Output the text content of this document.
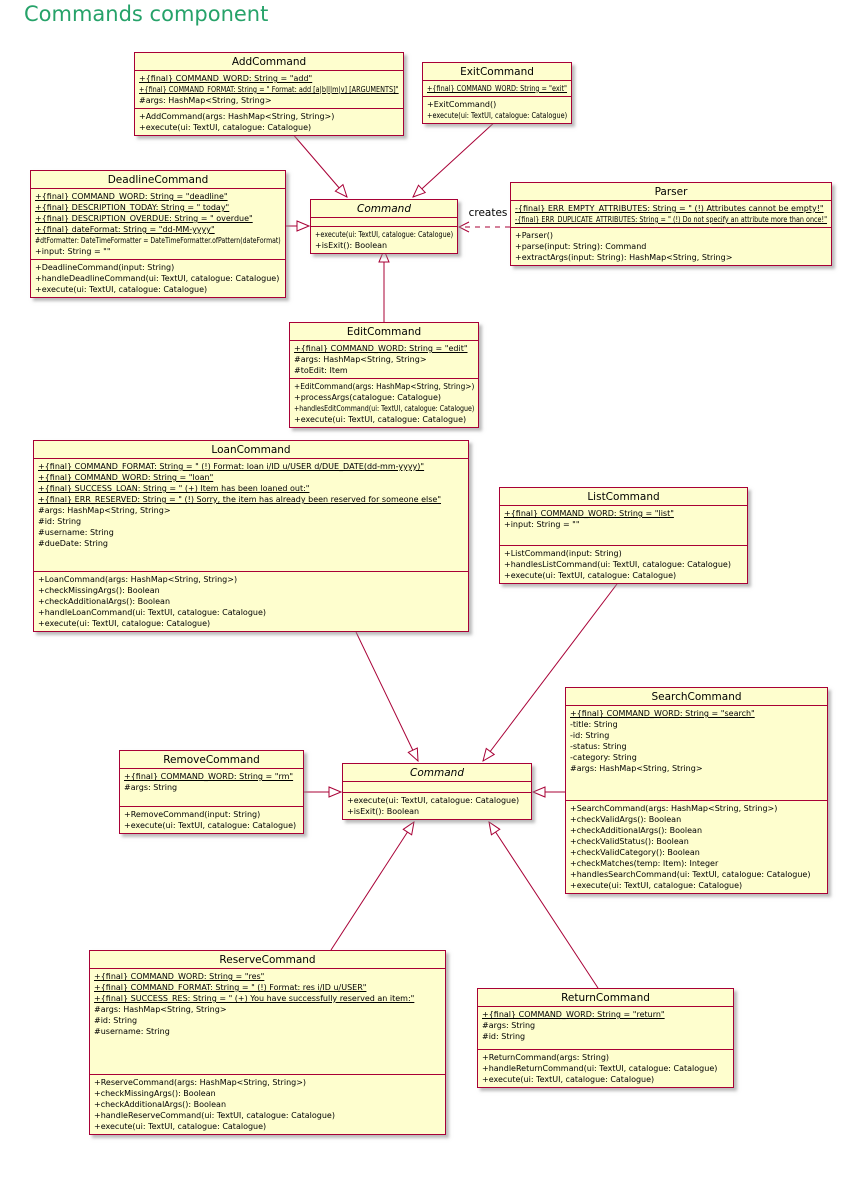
Commands component
creates
AddCommand
+{final} COMMAND_WORD: String = "add"
+{final} COMMAND_FORMAT: String = " Format: add [a|b|l|m|v] [ARGUMENTS]"
#args: HashMap<String, String>
+AddCommand(args: HashMap<String, String>)
+execute(ui: TextUI, catalogue: Catalogue)
ExitCommand
+{final} COMMAND_WORD: String = "exit"
+ExitCommand()
+execute(ui: TextUI, catalogue: Catalogue)
DeadlineCommand
+{final} COMMAND_WORD: String = "deadline"
+{final} DESCRIPTION_TODAY: String = " today"
+{final} DESCRIPTION_OVERDUE: String = " overdue"
+{final} dateFormat: String = "dd-MM-yyyy"
#dtFormatter: DateTimeFormatter = DateTimeFormatter.ofPattern(dateFormat)
+input: String = ""
+DeadlineCommand(input: String)
+handleDeadlineCommand(ui: TextUI, catalogue: Catalogue)
+execute(ui: TextUI, catalogue: Catalogue)
Command
+execute(ui: TextUI, catalogue: Catalogue)
+isExit(): Boolean
Parser
-{final} ERR_EMPTY_ATTRIBUTES: String = " (!) Attributes cannot be empty!"
-{final} ERR_DUPLICATE_ATTRIBUTES: String = " (!) Do not specify an attribute more than once!"
+Parser()
+parse(input: String): Command
+extractArgs(input: String): HashMap<String, String>
EditCommand
+{final} COMMAND_WORD: String = "edit"
#args: HashMap<String, String>
#toEdit: Item
+EditCommand(args: HashMap<String, String>)
+processArgs(catalogue: Catalogue)
+handlesEditCommand(ui: TextUI, catalogue: Catalogue)
+execute(ui: TextUI, catalogue: Catalogue)
LoanCommand
+{final} COMMAND_FORMAT: String = " (!) Format: loan i/ID u/USER d/DUE_DATE(dd-mm-yyyy)"
+{final} COMMAND_WORD: String = "loan"
+{final} SUCCESS_LOAN: String = " (+) Item has been loaned out:"
+{final} ERR_RESERVED: String = " (!) Sorry, the item has already been reserved for someone else"
#args: HashMap<String, String>
#id: String
#username: String
#dueDate: String
+LoanCommand(args: HashMap<String, String>)
+checkMissingArgs(): Boolean
+checkAdditionalArgs(): Boolean
+handleLoanCommand(ui: TextUI, catalogue: Catalogue)
+execute(ui: TextUI, catalogue: Catalogue)
ListCommand
+{final} COMMAND_WORD: String = "list"
+input: String = ""
+ListCommand(input: String)
+handlesListCommand(ui: TextUI, catalogue: Catalogue)
+execute(ui: TextUI, catalogue: Catalogue)
SearchCommand
+{final} COMMAND_WORD: String = "search"
-title: String
-id: String
-status: String
-category: String
#args: HashMap<String, String>
+SearchCommand(args: HashMap<String, String>)
+checkValidArgs(): Boolean
+checkAdditionalArgs(): Boolean
+checkValidStatus(): Boolean
+checkValidCategory(): Boolean
+checkMatches(temp: Item): Integer
+handlesSearchCommand(ui: TextUI, catalogue: Catalogue)
+execute(ui: TextUI, catalogue: Catalogue)
RemoveCommand
+{final} COMMAND_WORD: String = "rm"
#args: String
+RemoveCommand(input: String)
+execute(ui: TextUI, catalogue: Catalogue)
Command
+execute(ui: TextUI, catalogue: Catalogue)
+isExit(): Boolean
ReserveCommand
+{final} COMMAND_WORD: String = "res"
+{final} COMMAND_FORMAT: String = " (!) Format: res i/ID u/USER"
+{final} SUCCESS_RES: String = " (+) You have successfully reserved an item:"
#args: HashMap<String, String>
#id: String
#username: String
+ReserveCommand(args: HashMap<String, String>)
+checkMissingArgs(): Boolean
+checkAdditionalArgs(): Boolean
+handleReserveCommand(ui: TextUI, catalogue: Catalogue)
+execute(ui: TextUI, catalogue: Catalogue)
ReturnCommand
+{final} COMMAND_WORD: String = "return"
#args: String
#id: String
+ReturnCommand(args: String)
+handleReturnCommand(ui: TextUI, catalogue: Catalogue)
+execute(ui: TextUI, catalogue: Catalogue)
